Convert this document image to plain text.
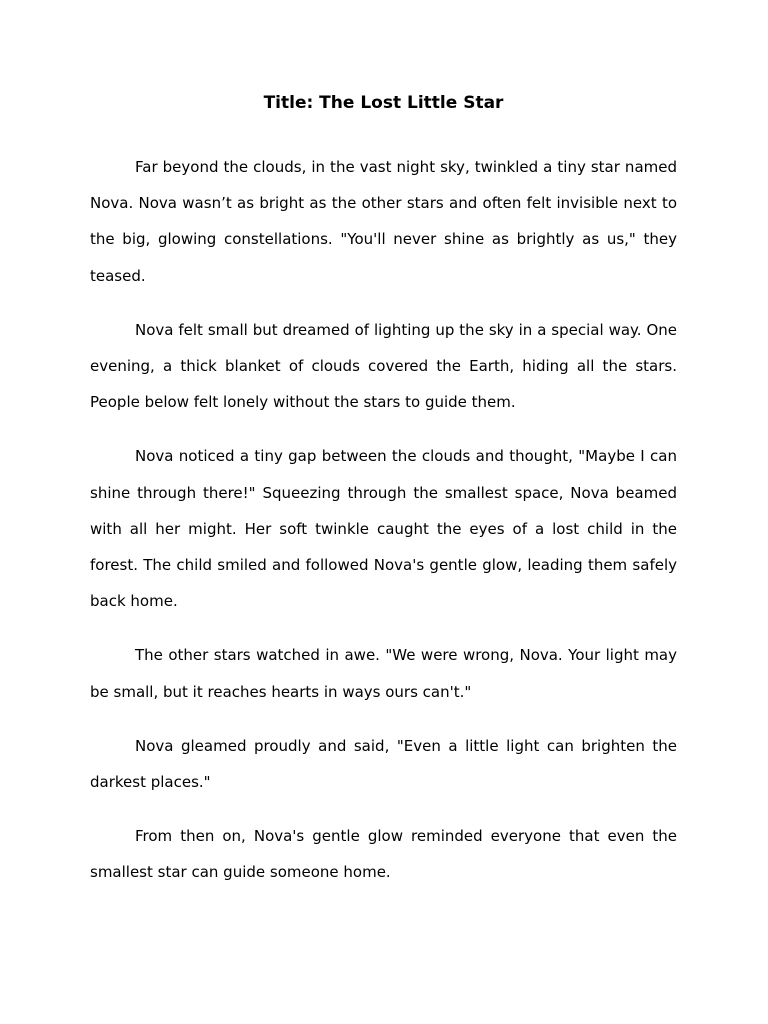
Title: The Lost Little Star

Far beyond the clouds, in the vast night sky, twinkled a tiny star named Nova. Nova wasn’t as bright as the other stars and often felt invisible next to the big, glowing constellations. "You'll never shine as brightly as us," they teased.

Nova felt small but dreamed of lighting up the sky in a special way. One evening, a thick blanket of clouds covered the Earth, hiding all the stars. People below felt lonely without the stars to guide them.

Nova noticed a tiny gap between the clouds and thought, "Maybe I can shine through there!" Squeezing through the smallest space, Nova beamed with all her might. Her soft twinkle caught the eyes of a lost child in the forest. The child smiled and followed Nova's gentle glow, leading them safely back home.

The other stars watched in awe. "We were wrong, Nova. Your light may be small, but it reaches hearts in ways ours can't."

Nova gleamed proudly and said, "Even a little light can brighten the darkest places."

From then on, Nova's gentle glow reminded everyone that even the smallest star can guide someone home.
